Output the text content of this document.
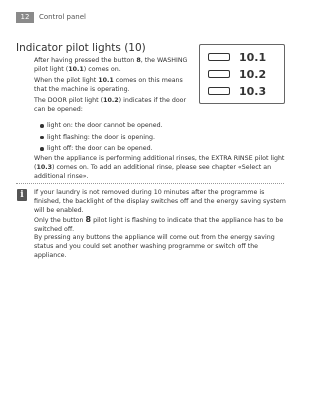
12	Control panel
Indicator pilot lights (10)

After having pressed the button 8, the WASHING pilot light (10.1) comes on.

When the pilot light 10.1 comes on this means that the machine is operating.

The DOOR pilot light (10.2) indicates if the door can be opened:

light on: the door cannot be opened.
light flashing: the door is opening.
light off: the door can be opened.

When the appliance is performing additional rinses, the EXTRA RINSE pilot light (10.3) comes on. To add an additional rinse, please see chapter «Select an additional rinse».

10.1
10.2
10.3
i	If your laundry is not removed during 10 minutes after the programme is finished, the backlight of the display switches off and the energy saving system will be enabled.

Only the button 8 pilot light is flashing to indicate that the appliance has to be switched off.

By pressing any buttons the appliance will come out from the energy saving status and you could set another washing programme or switch off the appliance.
